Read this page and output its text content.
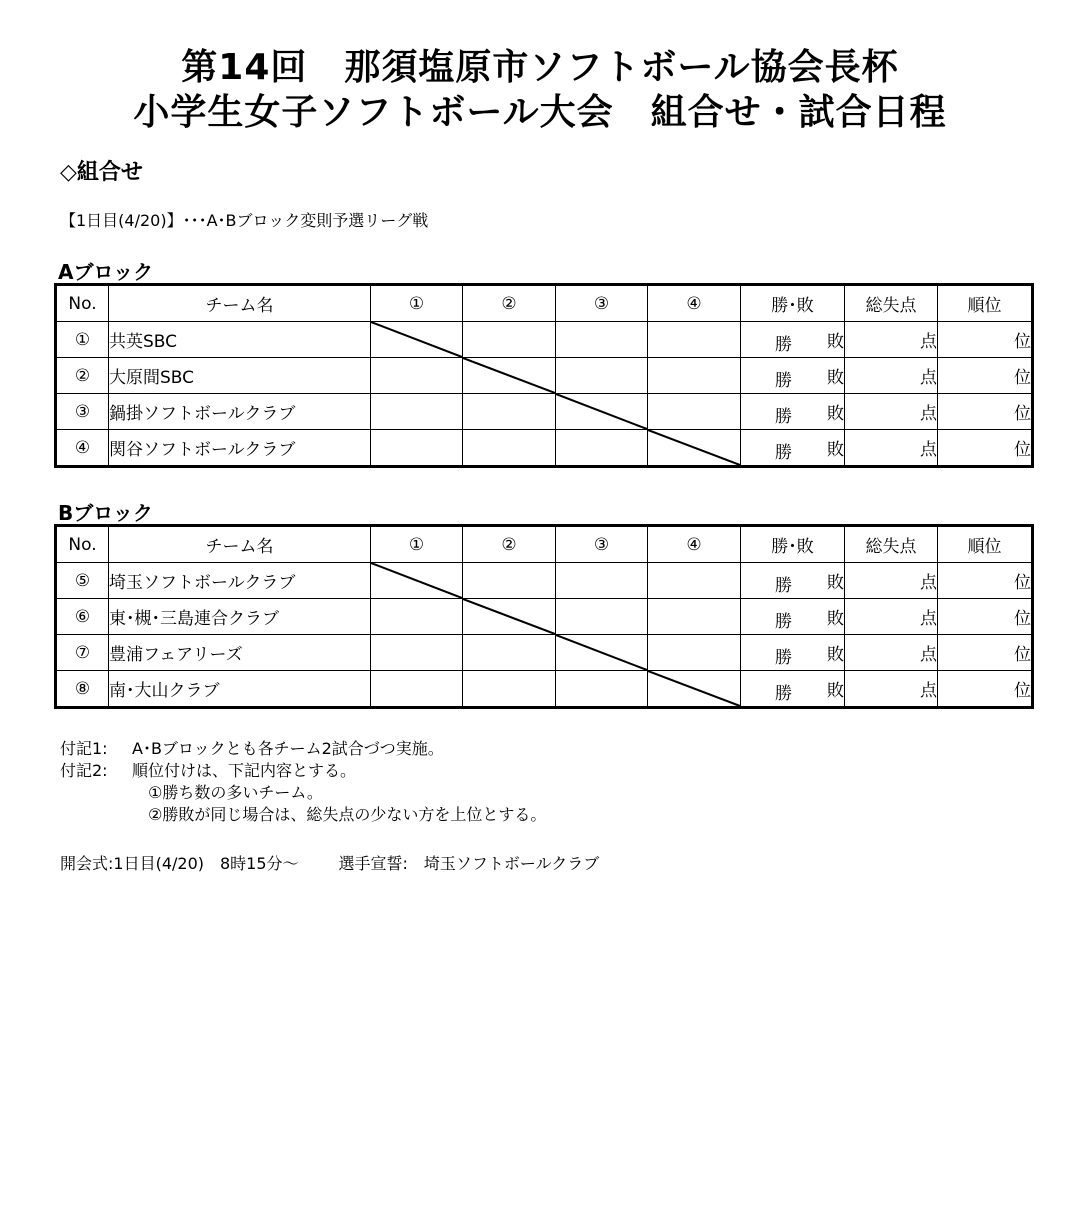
第14回　那須塩原市ソフトボール協会長杯
小学生女子ソフトボール大会　組合せ・試合日程
◇組合せ
【1日目(4/20)】･･･A･Bブロック変則予選リーグ戦
Aブロック
No.	チーム名	①	②	③	④	勝･敗	総失点	順位
①	共英SBC					勝 敗	点	位
②	大原間SBC					勝 敗	点	位
③	鍋掛ソフトボールクラブ					勝 敗	点	位
④	関谷ソフトボールクラブ					勝 敗	点	位
Bブロック
No.	チーム名	①	②	③	④	勝･敗	総失点	順位
⑤	埼玉ソフトボールクラブ					勝 敗	点	位
⑥	東･槻･三島連合クラブ					勝 敗	点	位
⑦	豊浦フェアリーズ					勝 敗	点	位
⑧	南･大山クラブ					勝 敗	点	位
付記1: A･Bブロックとも各チーム2試合づつ実施。
付記2: 順位付けは、下記内容とする。
①勝ち数の多いチーム。
②勝敗が同じ場合は、総失点の少ない方を上位とする。
開会式:1日目(4/20)　8時15分～	選手宣誓:　埼玉ソフトボールクラブ
